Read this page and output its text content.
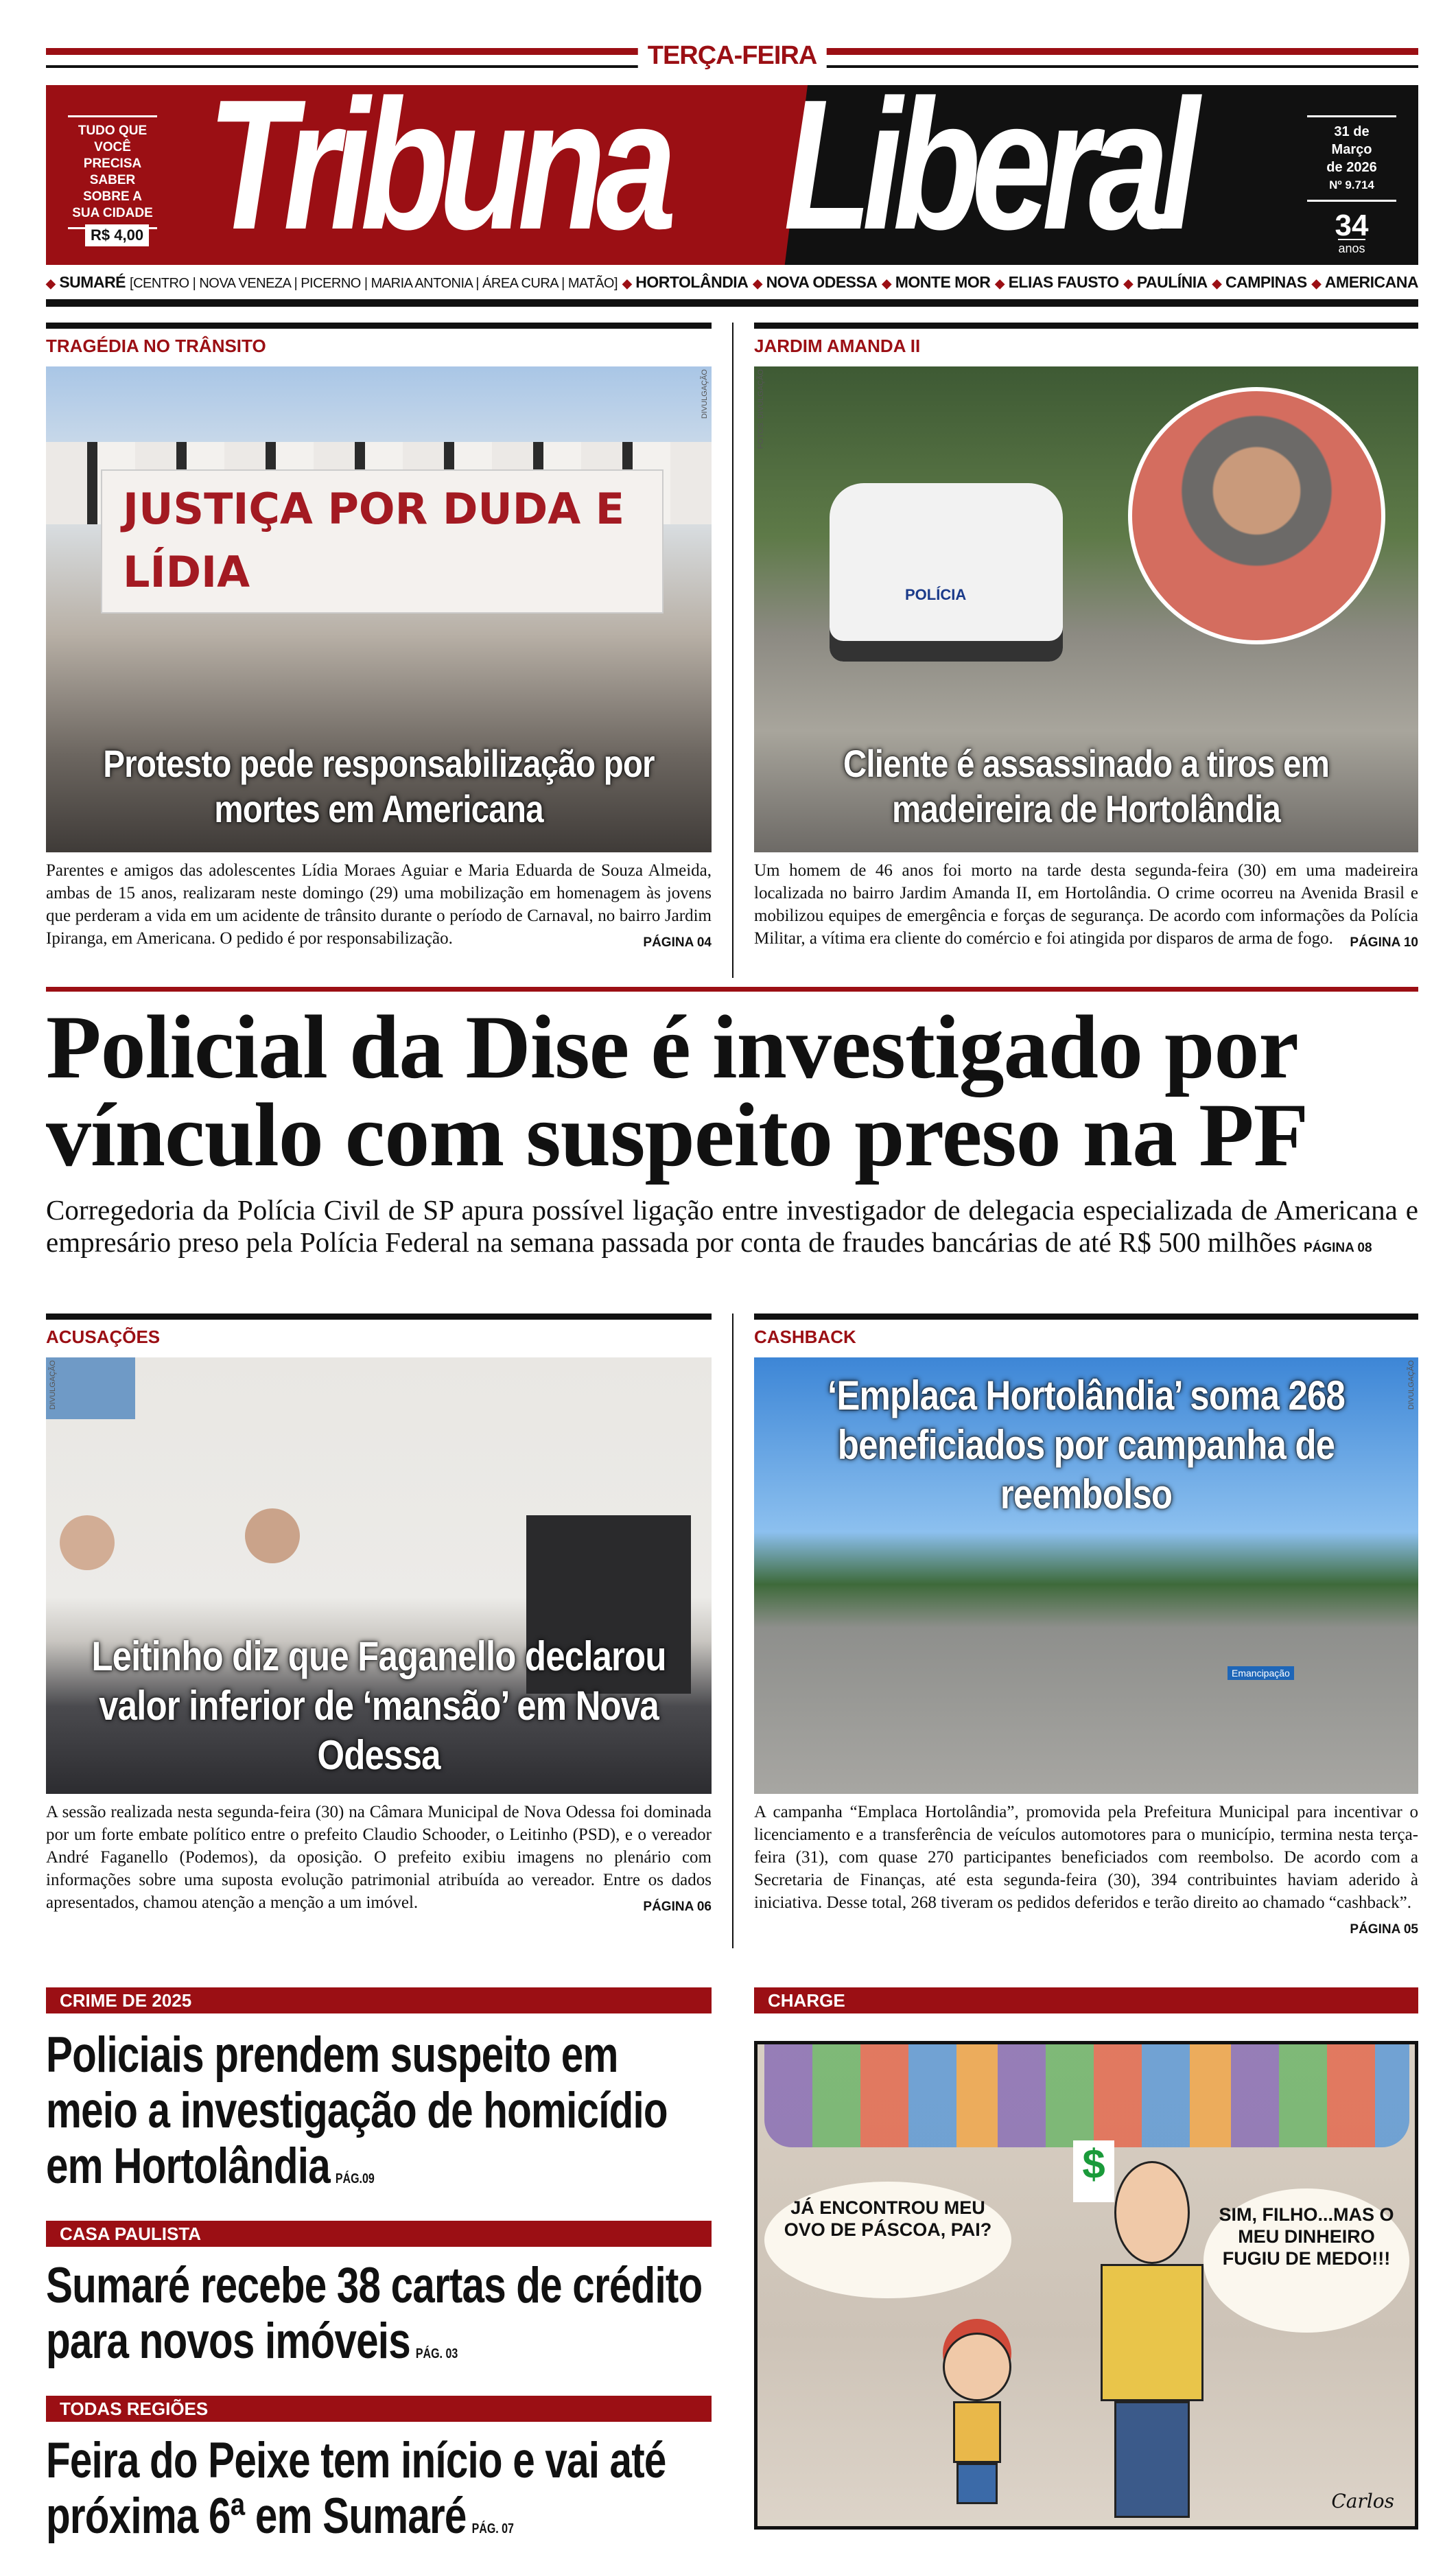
TERÇA-FEIRA
TUDO QUE VOCÊ PRECISA SABER SOBRE A SUA CIDADE
R$ 4,00 Tribuna Liberal	31 de
Março
de 2026
Nº 9.714
34
anos
◆ SUMARÉ [CENTRO | NOVA VENEZA | PICERNO | MARIA ANTONIA | ÁREA CURA | MATÃO]	◆ HORTOLÂNDIA	◆ NOVA ODESSA	◆ MONTE MOR	◆ ELIAS FAUSTO	◆ PAULÍNIA	◆ CAMPINAS	◆ AMERICANA
TRAGÉDIA NO TRÂNSITO
JUSTIÇA POR DUDA E LÍDIA
DIVULGAÇÃO
Protesto pede responsabilização por mortes em Americana

Parentes e amigos das adolescentes Lídia Moraes Aguiar e Maria Eduarda de Souza Almeida, ambas de 15 anos, realizaram neste domingo (29) uma mobilização em homenagem às jovens que perderam a vida em um acidente de trânsito durante o período de Carnaval, no bairro Jardim Ipiranga, em Americana. O pedido é por responsabilização.	PÁGINA 04

JARDIM AMANDA II
POLÍCIA
FOTOS: DIVULGAÇÃO
Cliente é assassinado a tiros em madeireira de Hortolândia

Um homem de 46 anos foi morto na tarde desta segunda-feira (30) em uma madeireira localizada no bairro Jardim Amanda II, em Hortolândia. O crime ocorreu na Avenida Brasil e mobilizou equipes de emergência e forças de segurança. De acordo com informações da Polícia Militar, a vítima era cliente do comércio e foi atingida por disparos de arma de fogo. PÁGINA 10

Policial da Dise é investigado por vínculo com suspeito preso na PF

Corregedoria da Polícia Civil de SP apura possível ligação entre investigador de delegacia especializada de Americana e empresário preso pela Polícia Federal na semana passada por conta de fraudes bancárias de até R$ 500 milhões PÁGINA 08

ACUSAÇÕES
DIVULGAÇÃO
Leitinho diz que Faganello declarou valor inferior de ‘mansão’ em Nova Odessa

A sessão realizada nesta segunda-feira (30) na Câmara Municipal de Nova Odessa foi dominada por um forte embate político entre o prefeito Claudio Schooder, o Leitinho (PSD), e o vereador André Faganello (Podemos), da oposição. O prefeito exibiu imagens no plenário com informações sobre uma suposta evolução patrimonial atribuída ao vereador. Entre os dados apresentados, chamou atenção a menção a um imóvel.	PÁGINA 06

CASHBACK
Emancipação
DIVULGAÇÃO
‘Emplaca Hortolândia’ soma 268 beneficiados por campanha de reembolso

A campanha “Emplaca Hortolândia”, promovida pela Prefeitura Municipal para incentivar o licenciamento e a transferência de veículos automotores para o município, termina nesta terça-feira (31), com quase 270 participantes beneficiados com reembolso. De acordo com a Secretaria de Finanças, até esta segunda-feira (30), 394 contribuintes haviam aderido à iniciativa. Desse total, 268 tiveram os pedidos deferidos e terão direito ao chamado “cashback”.
PÁGINA 05

CRIME DE 2025
Policiais prendem suspeito em meio a investigação de homicídio em Hortolândia PÁG.09
CASA PAULISTA
Sumaré recebe 38 cartas de crédito para novos imóveis PÁG. 03
TODAS REGIÕES
Feira do Peixe tem início e vai até próxima 6ª em Sumaré PÁG. 07
CHARGE
JÁ ENCONTROU MEU OVO DE PÁSCOA, PAI?
SIM, FILHO...MAS O MEU DINHEIRO FUGIU DE MEDO!!!
$
Carlos
